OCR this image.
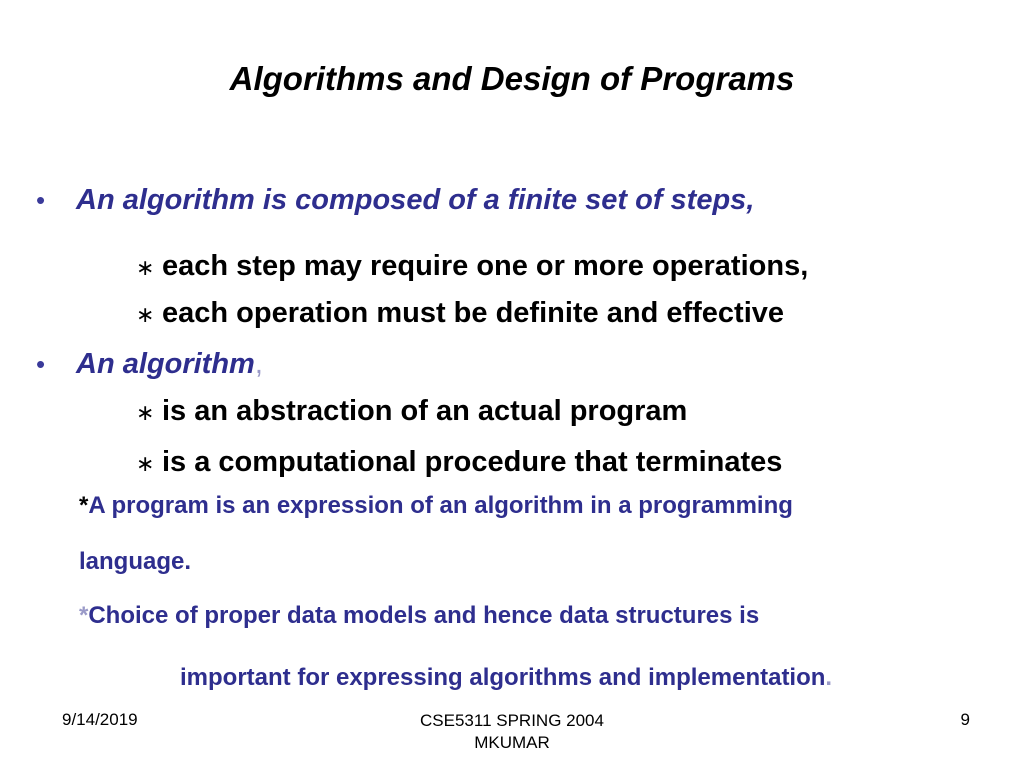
Algorithms and Design of Programs
• An algorithm is composed of a finite set of steps,
∗ each step may require one or more operations,
∗ each operation must be definite and effective
• An algorithm,
∗ is an abstraction of an actual program
∗ is a computational procedure that terminates
*A program is an expression of an algorithm in a programming
language.
*Choice of proper data models and hence data structures is
important for expressing algorithms and implementation.
9/14/2019	CSE5311 SPRING 2004
MKUMAR
9
